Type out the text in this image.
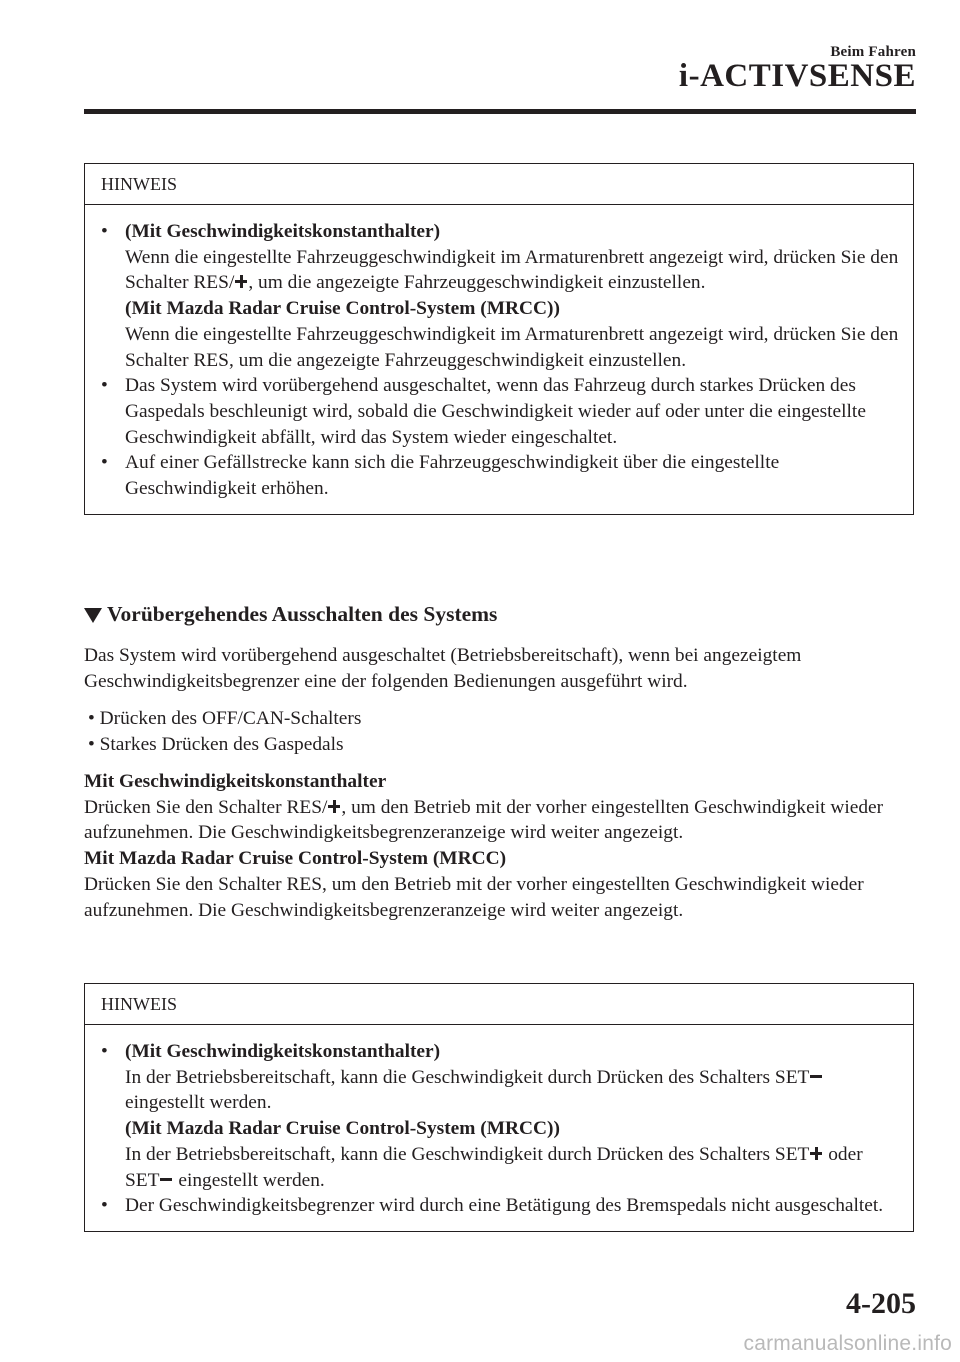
Beim Fahren
i-ACTIVSENSE
HINWEIS
• (Mit Geschwindigkeitskonstanthalter)
Wenn die eingestellte Fahrzeuggeschwindigkeit im Armaturenbrett angezeigt wird, drücken Sie den Schalter RES/ , um die angezeigte Fahrzeuggeschwindigkeit einzustellen.
(Mit Mazda Radar Cruise Control-System (MRCC))
Wenn die eingestellte Fahrzeuggeschwindigkeit im Armaturenbrett angezeigt wird, drücken Sie den Schalter RES, um die angezeigte Fahrzeuggeschwindigkeit einzustellen.
• Das System wird vorübergehend ausgeschaltet, wenn das Fahrzeug durch starkes Drücken des Gaspedals beschleunigt wird, sobald die Geschwindigkeit wieder auf oder unter die eingestellte Geschwindigkeit abfällt, wird das System wieder eingeschaltet.
• Auf einer Gefällstrecke kann sich die Fahrzeuggeschwindigkeit über die eingestellte Geschwindigkeit erhöhen.
Vorübergehendes Ausschalten des Systems
Das System wird vorübergehend ausgeschaltet (Betriebsbereitschaft), wenn bei angezeigtem Geschwindigkeitsbegrenzer eine der folgenden Bedienungen ausgeführt wird.
• Drücken des OFF/CAN-Schalters
• Starkes Drücken des Gaspedals
Mit Geschwindigkeitskonstanthalter
Drücken Sie den Schalter RES/ , um den Betrieb mit der vorher eingestellten Geschwindigkeit wieder aufzunehmen. Die Geschwindigkeitsbegrenzeranzeige wird weiter angezeigt.
Mit Mazda Radar Cruise Control-System (MRCC)
Drücken Sie den Schalter RES, um den Betrieb mit der vorher eingestellten Geschwindigkeit wieder aufzunehmen. Die Geschwindigkeitsbegrenzeranzeige wird weiter angezeigt.
HINWEIS
• (Mit Geschwindigkeitskonstanthalter)
In der Betriebsbereitschaft, kann die Geschwindigkeit durch Drücken des Schalters SET eingestellt werden.
(Mit Mazda Radar Cruise Control-System (MRCC))
In der Betriebsbereitschaft, kann die Geschwindigkeit durch Drücken des Schalters SET oder SET eingestellt werden.
• Der Geschwindigkeitsbegrenzer wird durch eine Betätigung des Bremspedals nicht ausgeschaltet.
4-205
carmanualsonline.info
